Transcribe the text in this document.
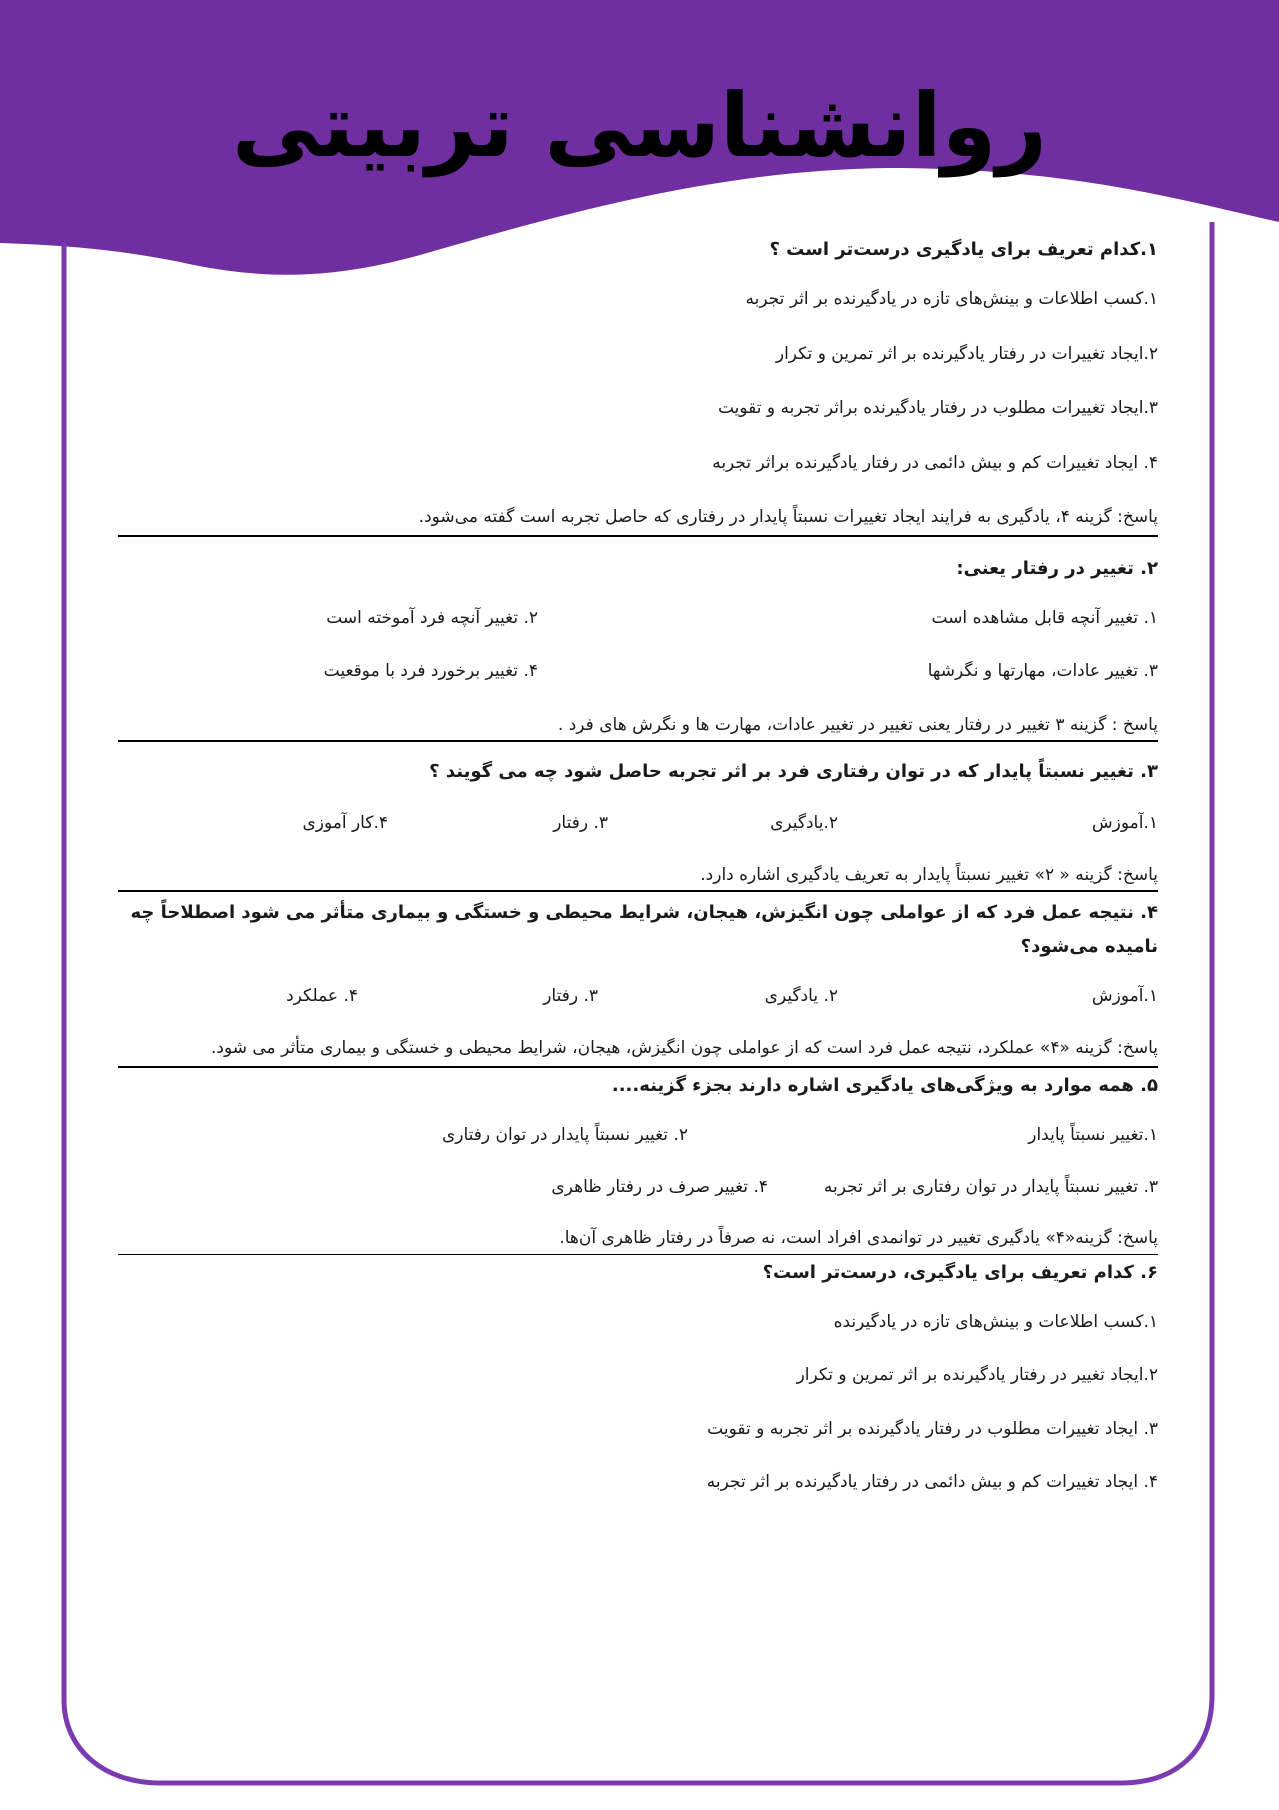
روانشناسی تربیتی

۱.کدام تعریف برای یادگیری درست‌تر است ؟

۱.کسب اطلاعات و بینش‌های تازه در یادگیرنده بر اثر تجربه

۲.ایجاد تغییرات در رفتار یادگیرنده بر اثر تمرین و تکرار

۳.ایجاد تغییرات مطلوب در رفتار یادگیرنده براثر تجربه و تقویت

۴. ایجاد تغییرات کم و بیش دائمی در رفتار یادگیرنده براثر تجربه

پاسخ: گزینه ۴، یادگیری به فرایند ایجاد تغییرات نسبتاً پایدار در رفتاری که حاصل تجربه است گفته می‌شود.

۲. تغییر در رفتار یعنی:

۱. تغییر آنچه قابل مشاهده است
۲. تغییر آنچه فرد آموخته است
۳. تغییر عادات، مهارتها و نگرشها
۴. تغییر برخورد فرد با موقعیت

پاسخ : گزینه ۳ تغییر در رفتار یعنی تغییر در تغییر عادات، مهارت ها و نگرش های فرد .

۳. تغییر نسبتاً پایدار که در توان رفتاری فرد بر اثر تجربه حاصل شود چه می گویند ؟

۱.آموزش
۲.یادگیری
۳. رفتار
۴.کار آموزی

پاسخ: گزینه « ۲» تغییر نسبتاً پایدار به تعریف یادگیری اشاره دارد.

۴. نتیجه عمل فرد که از عواملی چون انگیزش، هیجان، شرایط محیطی و خستگی و بیماری متأثر می شود اصطلاحاً چه نامیده می‌شود؟

۱.آموزش
۲. یادگیری
۳. رفتار
۴. عملکرد

پاسخ: گزینه «۴» عملکرد، نتیجه عمل فرد است که از عواملی چون انگیزش، هیجان، شرایط محیطی و خستگی و بیماری متأثر می شود.

۵. همه موارد به ویژگی‌های یادگیری اشاره دارند بجزء گزینه....

۱.تغییر نسبتاً پایدار
۲. تغییر نسبتاً پایدار در توان رفتاری
۳. تغییر نسبتاً پایدار در توان رفتاری بر اثر تجربه
۴. تغییر صرف در رفتار ظاهری

پاسخ: گزینه«۴» یادگیری تغییر در توانمدی افراد است، نه صرفاً در رفتار ظاهری آن‌ها.

۶. کدام تعریف برای یادگیری، درست‌تر است؟

۱.کسب اطلاعات و بینش‌های تازه در یادگیرنده

۲.ایجاد تغییر در رفتار یادگیرنده بر اثر تمرین و تکرار

۳. ایجاد تغییرات مطلوب در رفتار یادگیرنده بر اثر تجربه و تقویت

۴. ایجاد تغییرات کم و بیش دائمی در رفتار یادگیرنده بر اثر تجربه
